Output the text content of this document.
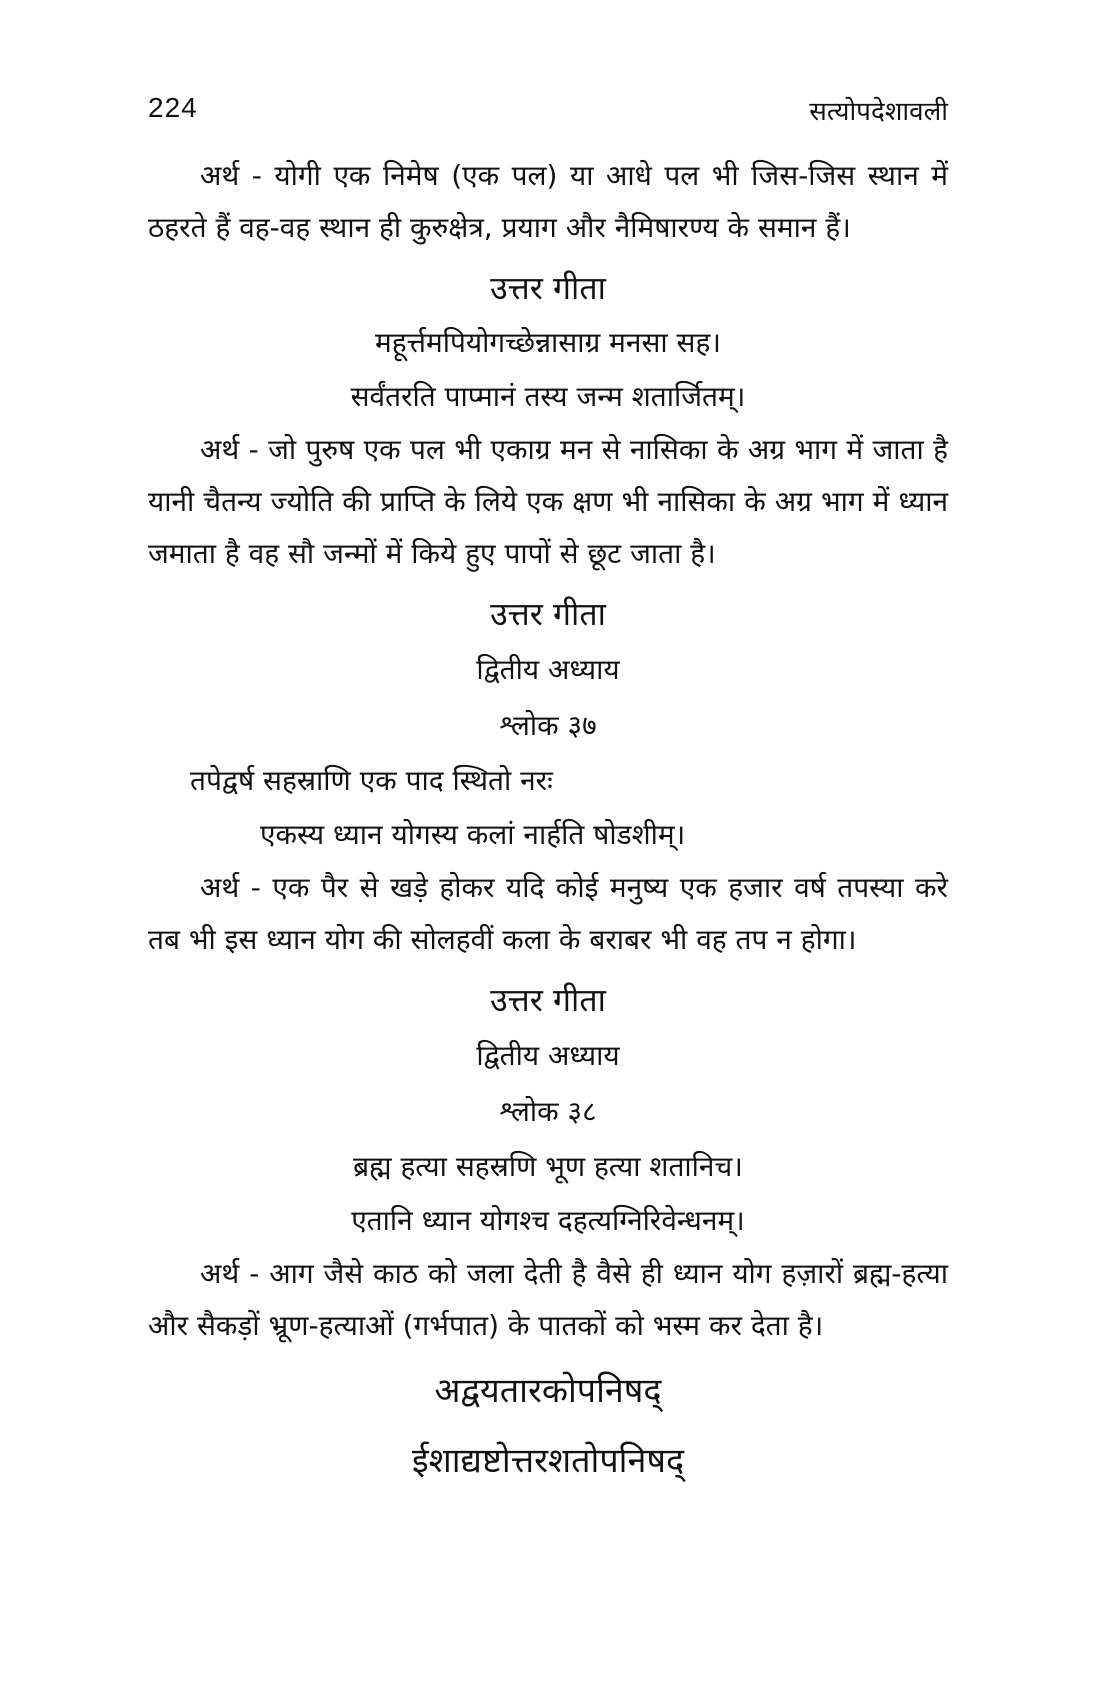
224	सत्योपदेशावली

अर्थ - योगी एक निमेष (एक पल) या आधे पल भी जिस-जिस स्थान में ठहरते हैं वह-वह स्थान ही कुरुक्षेत्र, प्रयाग और नैमिषारण्य के समान हैं।

उत्तर गीता
महूर्त्तमपियोगच्छेन्नासाग्र मनसा सह।
सर्वंतरति पाप्मानं तस्य जन्म शतार्जितम्।

अर्थ - जो पुरुष एक पल भी एकाग्र मन से नासिका के अग्र भाग में जाता है यानी चैतन्य ज्योति की प्राप्ति के लिये एक क्षण भी नासिका के अग्र भाग में ध्यान जमाता है वह सौ जन्मों में किये हुए पापों से छूट जाता है।

उत्तर गीता
द्वितीय अध्याय
श्लोक ३७
तपेद्वर्ष सहस्राणि एक पाद स्थितो नरः
एकस्य ध्यान योगस्य कलां नार्हति षोडशीम्।

अर्थ - एक पैर से खड़े होकर यदि कोई मनुष्य एक हजार वर्ष तपस्या करे तब भी इस ध्यान योग की सोलहवीं कला के बराबर भी वह तप न होगा।

उत्तर गीता
द्वितीय अध्याय
श्लोक ३८
ब्रह्म हत्या सहस्रणि भूण हत्या शतानिच।
एतानि ध्यान योगश्च दहत्यग्निरिवेन्धनम्।

अर्थ - आग जैसे काठ को जला देती है वैसे ही ध्यान योग हज़ारों ब्रह्म-हत्या और सैकड़ों भ्रूण-हत्याओं (गर्भपात) के पातकों को भस्म कर देता है।

अद्वयतारकोपनिषद्
ईशाद्यष्टोत्तरशतोपनिषद्
